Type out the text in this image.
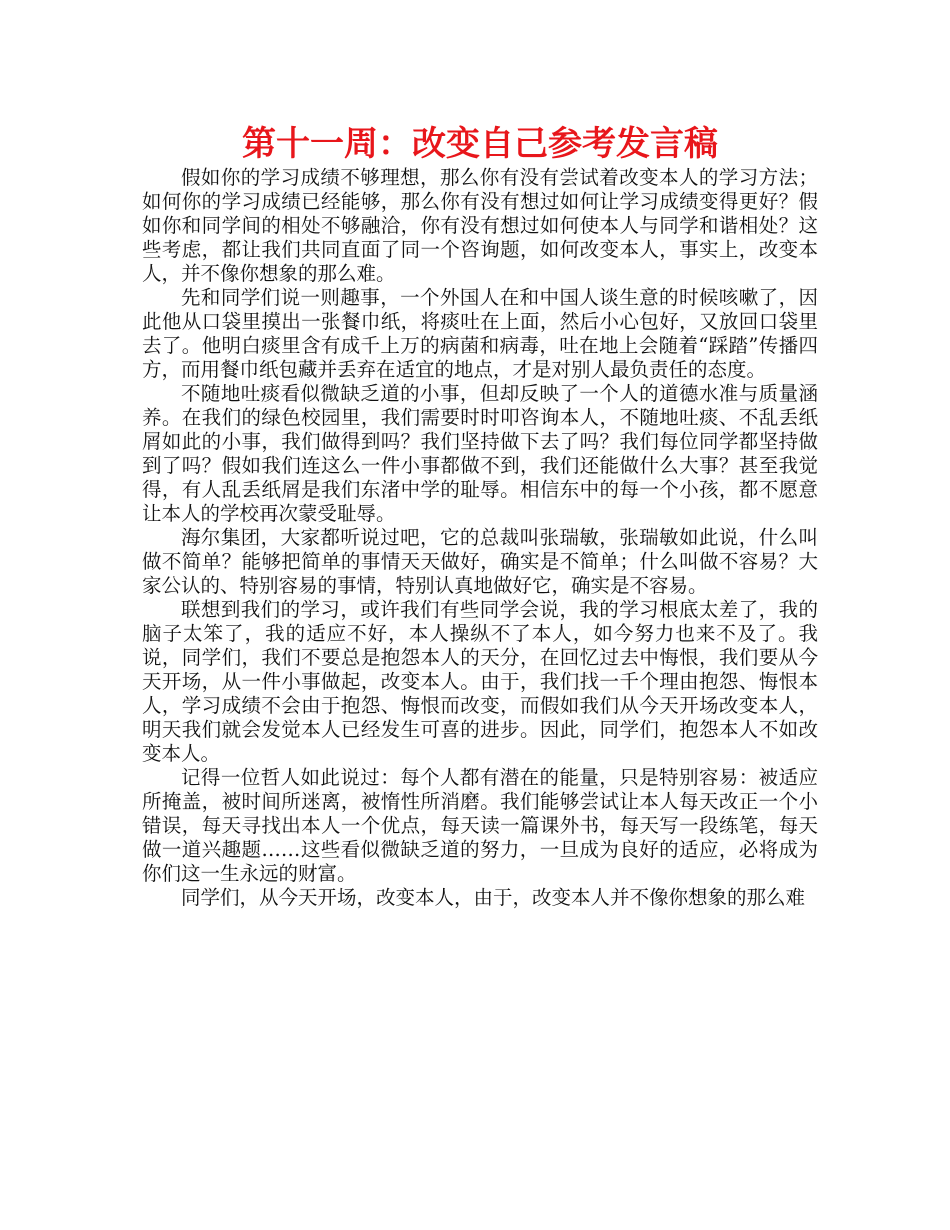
第十一周：改变自己参考发言稿

假如你的学习成绩不够理想，那么你有没有尝试着改变本人的学习方法；如何你的学习成绩已经能够，那么你有没有想过如何让学习成绩变得更好？假如你和同学间的相处不够融洽，你有没有想过如何使本人与同学和谐相处？这些考虑，都让我们共同直面了同一个咨询题，如何改变本人，事实上，改变本人，并不像你想象的那么难。

先和同学们说一则趣事，一个外国人在和中国人谈生意的时候咳嗽了，因此他从口袋里摸出一张餐巾纸，将痰吐在上面，然后小心包好，又放回口袋里去了。他明白痰里含有成千上万的病菌和病毒，吐在地上会随着“踩踏”传播四方，而用餐巾纸包藏并丢弃在适宜的地点，才是对别人最负责任的态度。

不随地吐痰看似微缺乏道的小事，但却反映了一个人的道德水准与质量涵养。在我们的绿色校园里，我们需要时时叩咨询本人，不随地吐痰、不乱丢纸屑如此的小事，我们做得到吗？我们坚持做下去了吗？我们每位同学都坚持做到了吗？假如我们连这么一件小事都做不到，我们还能做什么大事？甚至我觉得，有人乱丢纸屑是我们东渚中学的耻辱。相信东中的每一个小孩，都不愿意让本人的学校再次蒙受耻辱。

海尔集团，大家都听说过吧，它的总裁叫张瑞敏，张瑞敏如此说，什么叫做不简单？能够把简单的事情天天做好，确实是不简单；什么叫做不容易？大家公认的、特别容易的事情，特别认真地做好它，确实是不容易。

联想到我们的学习，或许我们有些同学会说，我的学习根底太差了，我的脑子太笨了，我的适应不好，本人操纵不了本人，如今努力也来不及了。我说，同学们，我们不要总是抱怨本人的天分，在回忆过去中悔恨，我们要从今天开场，从一件小事做起，改变本人。由于，我们找一千个理由抱怨、悔恨本人，学习成绩不会由于抱怨、悔恨而改变，而假如我们从今天开场改变本人，明天我们就会发觉本人已经发生可喜的进步。因此，同学们，抱怨本人不如改变本人。

记得一位哲人如此说过：每个人都有潜在的能量，只是特别容易：被适应所掩盖，被时间所迷离，被惰性所消磨。我们能够尝试让本人每天改正一个小错误，每天寻找出本人一个优点，每天读一篇课外书，每天写一段练笔，每天做一道兴趣题……这些看似微缺乏道的努力，一旦成为良好的适应，必将成为你们这一生永远的财富。

同学们，从今天开场，改变本人，由于，改变本人并不像你想象的那么难
